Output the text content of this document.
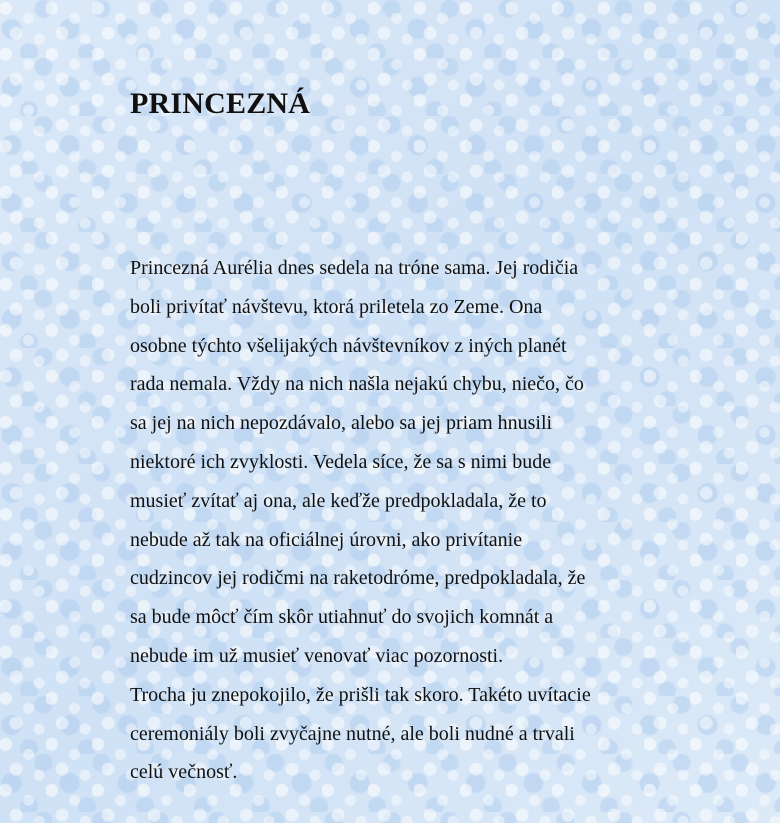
PRINCEZNÁ

Princezná Aurélia dnes sedela na tróne sama. Jej rodičia

boli privítať návštevu, ktorá priletela zo Zeme. Ona

osobne týchto všelijakých návštevníkov z iných planét

rada nemala. Vždy na nich našla nejakú chybu, niečo, čo

sa jej na nich nepozdávalo, alebo sa jej priam hnusili

niektoré ich zvyklosti. Vedela síce, že sa s nimi bude

musieť zvítať aj ona, ale keďže predpokladala, že to

nebude až tak na oficiálnej úrovni, ako privítanie

cudzincov jej rodičmi na raketodróme, predpokladala, že

sa bude môcť čím skôr utiahnuť do svojich komnát a

nebude im už musieť venovať viac pozornosti.

Trocha ju znepokojilo, že prišli tak skoro. Takéto uvítacie

ceremoniály boli zvyčajne nutné, ale boli nudné a trvali

celú večnosť.
